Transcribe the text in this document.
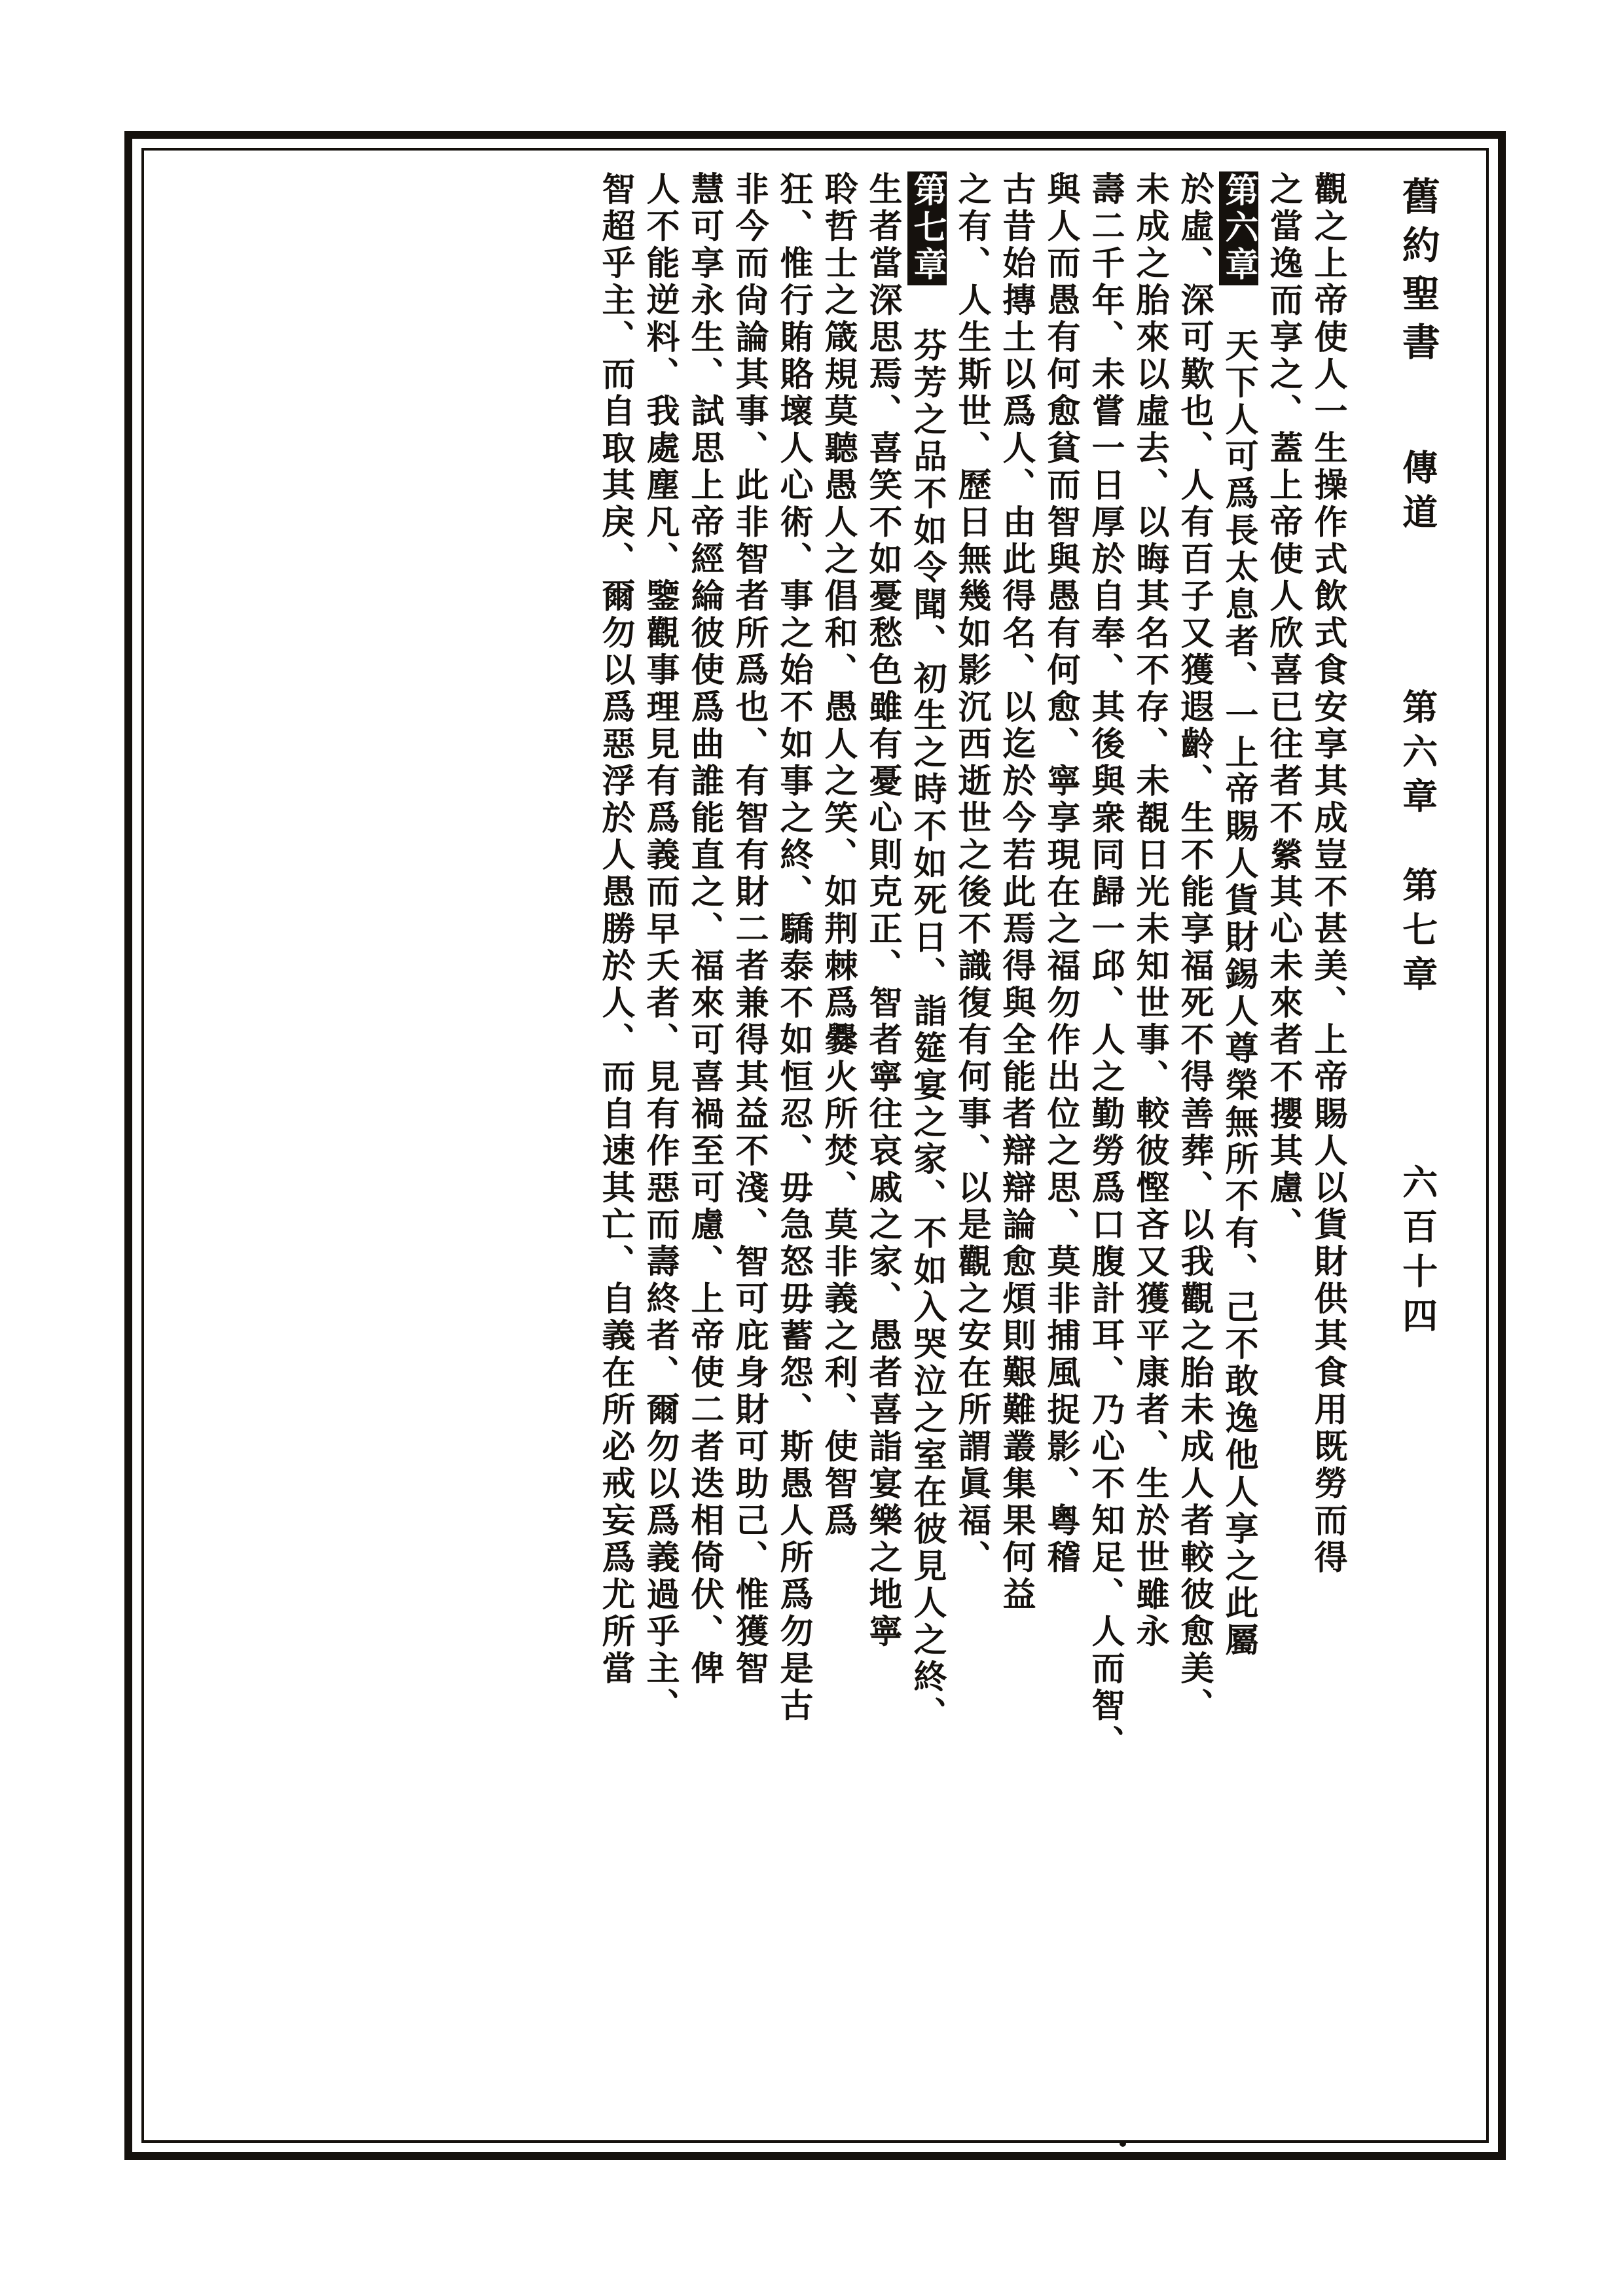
舊約聖書
傳道
第六章　第七章
六百十四
觀之上帝使人一生操作式飲式食安享其成豈不甚美、上帝賜人以貨財供其食用既勞而得
之當逸而享之、蓋上帝使人欣喜已往者不縈其心未來者不攖其慮、
第六章 天下人可爲長太息者、一上帝賜人貨財錫人尊榮無所不有、己不敢逸他人享之此屬
於虛、深可歎也、人有百子又獲遐齡、生不能享福死不得善葬、以我觀之胎未成人者較彼愈美、
未成之胎來以虛去、以晦其名不存、未覩日光未知世事、較彼慳吝又獲平康者、生於世雖永
壽二千年、未嘗一日厚於自奉、其後與衆同歸一邱、人之勤勞爲口腹計耳、乃心不知足、人而智、
與人而愚有何愈貧而智與愚有何愈、寧享現在之福勿作出位之思、莫非捕風捉影、粵稽
古昔始摶土以爲人、由此得名、以迄於今若此焉得與全能者辯辯論愈煩則艱難叢集果何益
之有、人生斯世、歷日無幾如影沉西逝世之後不識復有何事、以是觀之安在所謂眞福、
第七章 芬芳之品不如令聞、初生之時不如死日、詣筵宴之家、不如入哭泣之室在彼見人之終、
生者當深思焉、喜笑不如憂愁色雖有憂心則克正、智者寧往哀戚之家、愚者喜詣宴樂之地寧
聆哲士之箴規莫聽愚人之倡和、愚人之笑、如荆棘爲爨火所焚、莫非義之利、使智爲
狂、惟行賄賂壞人心術、事之始不如事之終、驕泰不如恒忍、毋急怒毋蓄怨、斯愚人所爲勿是古
非今而尙論其事、此非智者所爲也、有智有財二者兼得其益不淺、智可庇身財可助己、惟獲智
慧可享永生、試思上帝經綸彼使爲曲誰能直之、福來可喜禍至可慮、上帝使二者迭相倚伏、俾
人不能逆料、我處塵凡、鑒觀事理見有爲義而早夭者、見有作惡而壽終者、爾勿以爲義過乎主、
智超乎主、而自取其戾、爾勿以爲惡浮於人愚勝於人、而自速其亡、自義在所必戒妄爲尤所當
